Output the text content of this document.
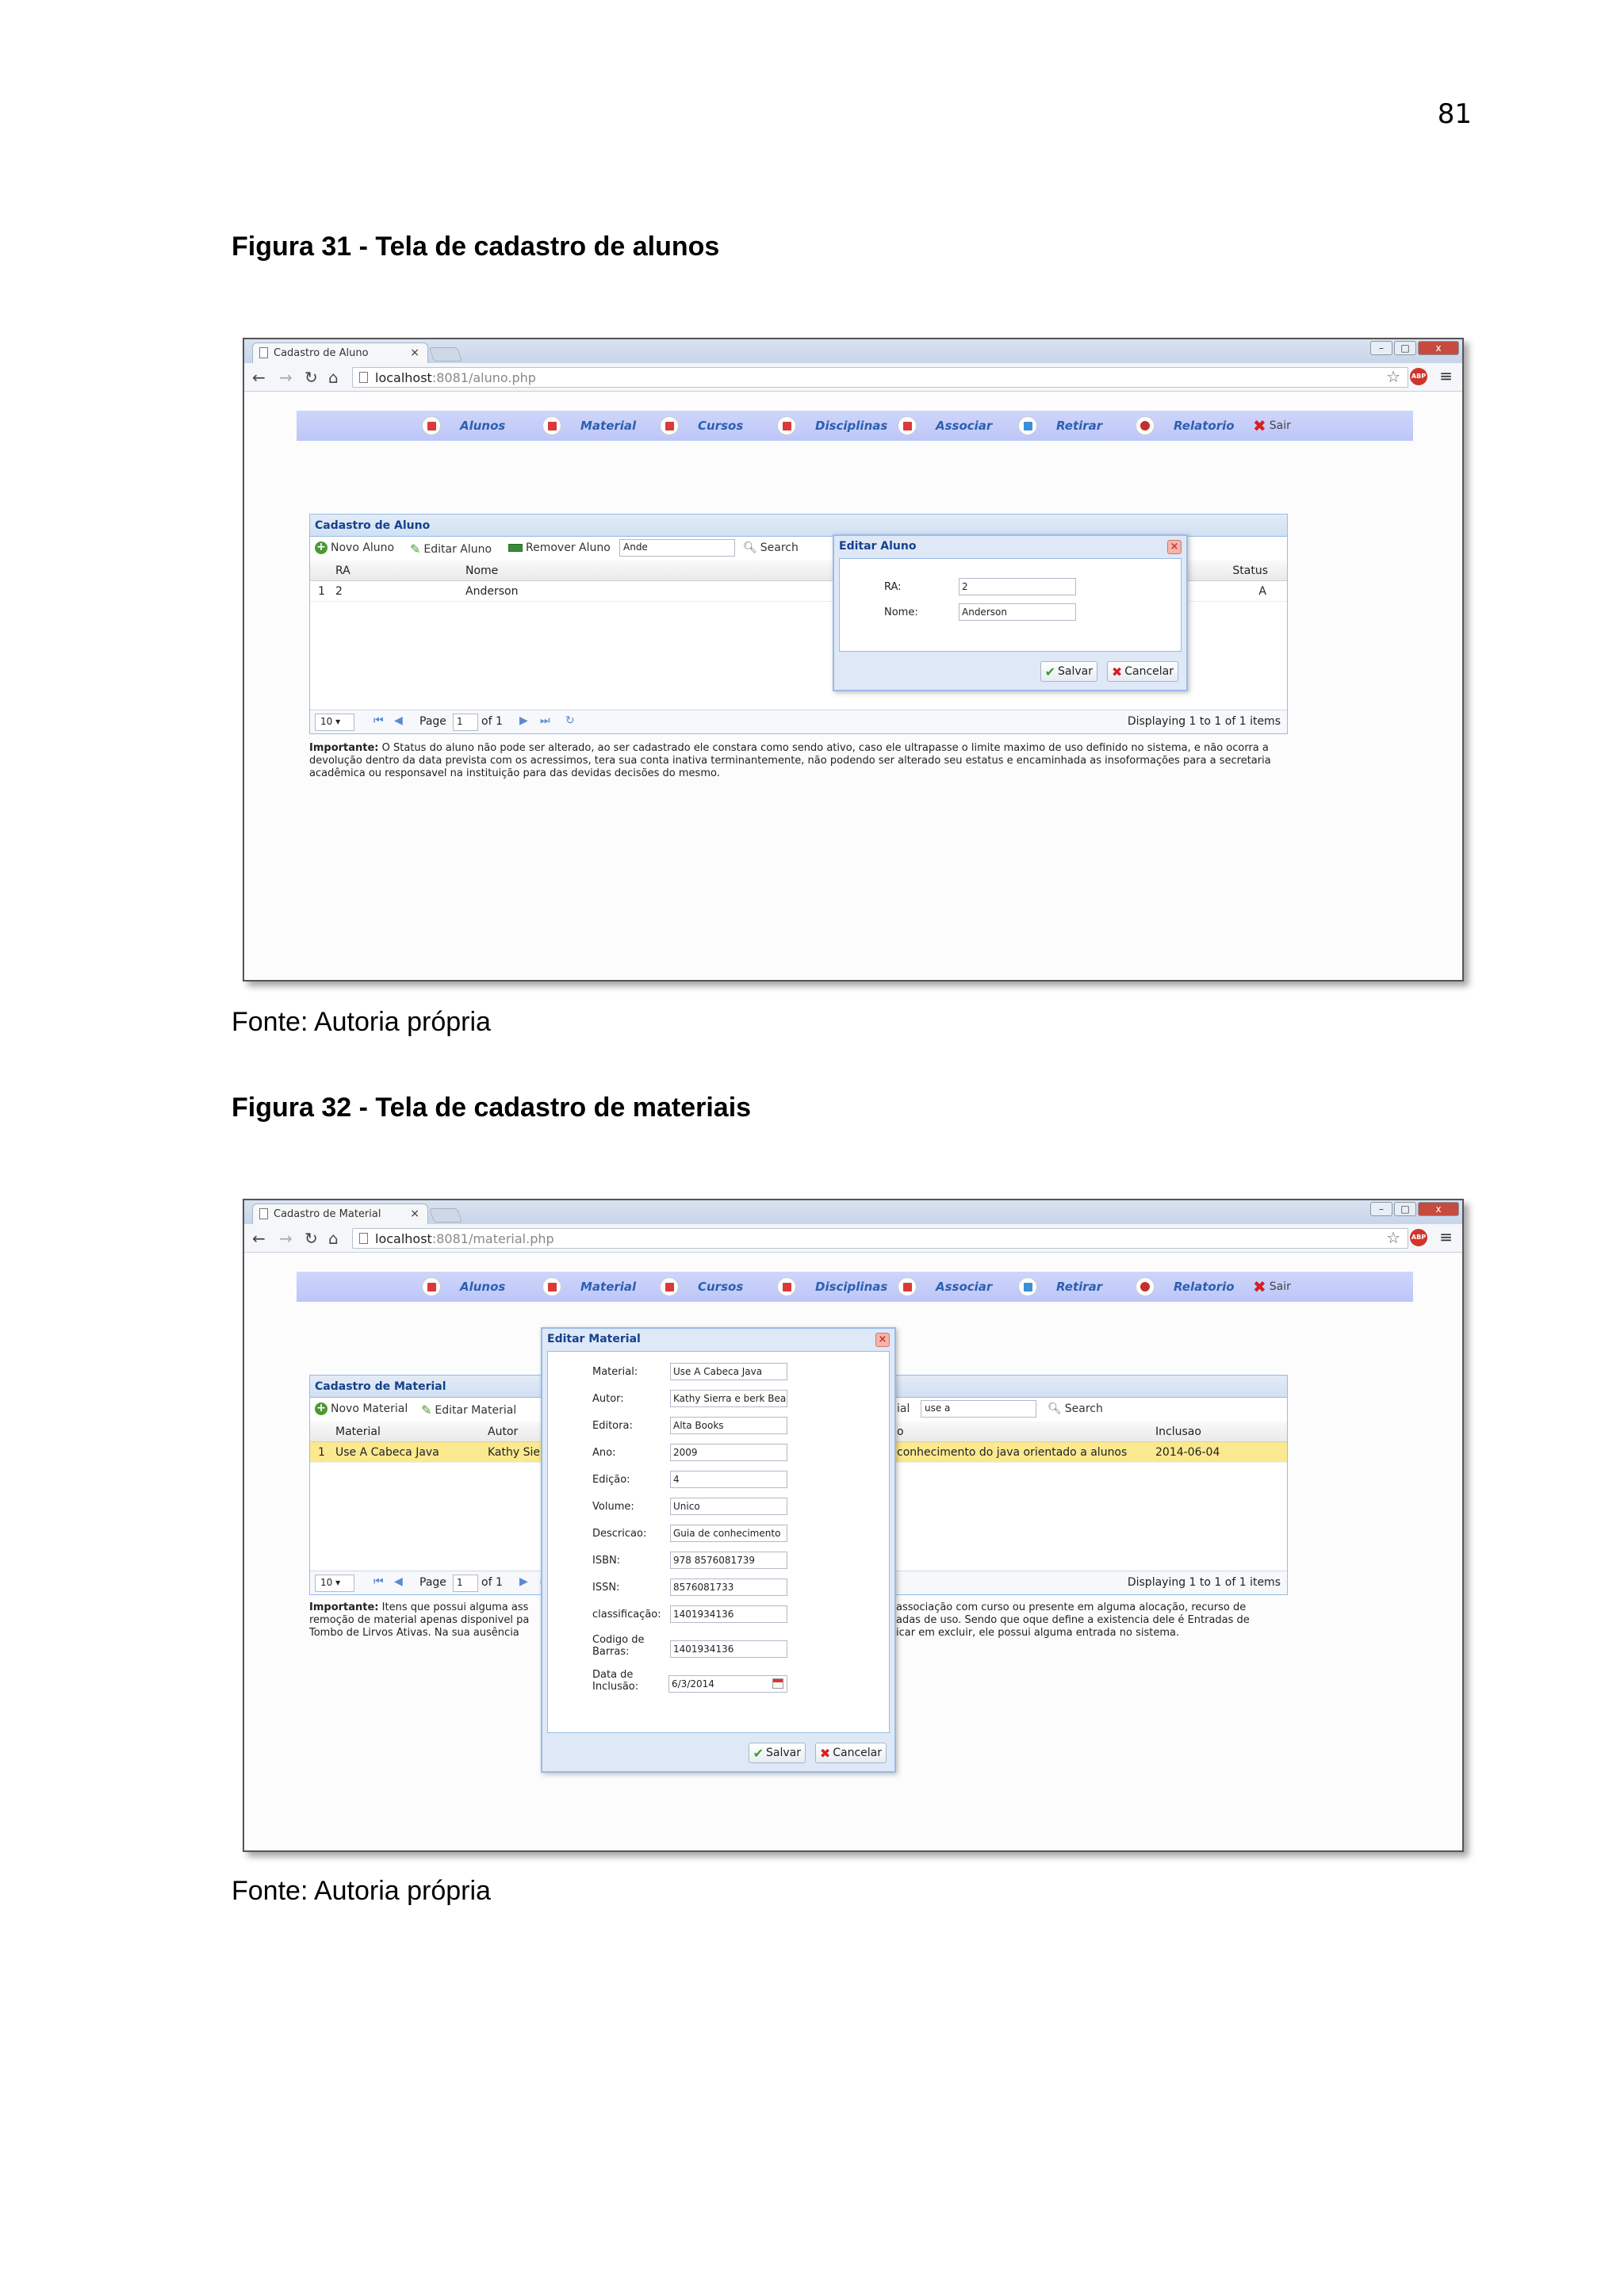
81
Figura 31 - Tela de cadastro de alunos
Cadastro de Aluno	×	–	□	x
← → ↻ ⌂	localhost:8081/aluno.php	☆ ABP ≡
Alunos	Material	Cursos	Disciplinas	Associar	Retirar	Relatorio ✖ Sair
Cadastro de Aluno
+ Novo Aluno ✎ Editar Aluno	Remover Aluno	Ande	🔍︎ Search
RA	Nome	Status
1 2	Anderson	A
10 ▾	⏮ ◀ Page	1	of 1 ▶ ⏭ ↻	Displaying 1 to 1 of 1 items
Importante: O Status do aluno não pode ser alterado, ao ser cadastrado ele constara como sendo ativo, caso ele ultrapasse o limite maximo de uso definido no sistema, e não ocorra a devolução dentro da data prevista com os acressimos, tera sua conta inativa terminantemente, não podendo ser alterado seu estatus e encaminhada as insoformações para a secretaria acadêmica ou responsavel na instituição para das devidas decisões do mesmo.
Editar Aluno	×
RA:	2
Nome:	Anderson
✔ Salvar ✖ Cancelar
Fonte: Autoria própria
Figura 32 - Tela de cadastro de materiais
Cadastro de Material	×	–	□	x
← → ↻ ⌂	localhost:8081/material.php	☆ ABP ≡
Alunos	Material	Cursos	Disciplinas	Associar	Retirar	Relatorio ✖ Sair
Cadastro de Material
+ Novo Material ✎ Editar Material	ial	use a	🔍︎ Search
Material	Autor	o	Inclusao
1 Use A Cabeca Java	Kathy Sie	conhecimento do java orientado a alunos	2014-06-04
10 ▾	⏮ ◀ Page	1	of 1 ▶	Displaying 1 to 1 of 1 items
Importante: Itens que possui alguma ass
remoção de material apenas disponivel pa
Tombo de Lirvos Ativas. Na sua ausência
associação com curso ou presente em alguma alocação, recurso de
adas de uso. Sendo que oque define a existencia dele é Entradas de
icar em excluir, ele possui alguma entrada no sistema.
Editar Material	×
Material:	Use A Cabeca Java
Autor:	Kathy Sierra e berk Bea
Editora:	Alta Books
Ano:	2009
Edição:	4
Volume:	Unico
Descricao:	Guia de conhecimento
ISBN:	978 8576081739
ISSN:	8576081733
classificação:	1401934136
Codigo de Barras:	1401934136
Data de Inclusão:	6/3/2014
✔ Salvar ✖ Cancelar
Fonte: Autoria própria
